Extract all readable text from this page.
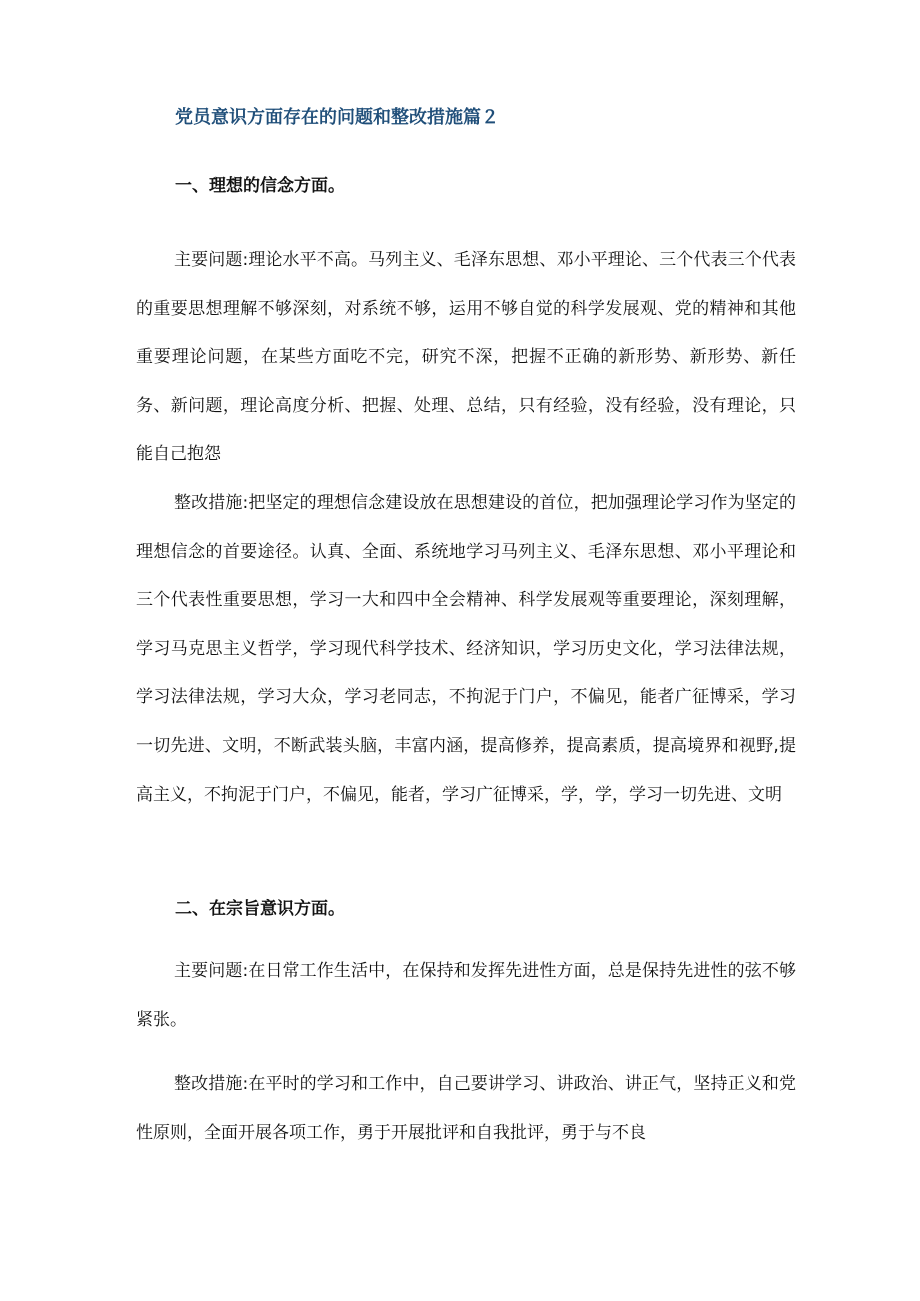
党员意识方面存在的问题和整改措施篇２
一、理想的信念方面。

主要问题:理论水平不高。马列主义、毛泽东思想、邓小平理论、三个代表三个代表的重要思想理解不够深刻，对系统不够，运用不够自觉的科学发展观、党的精神和其他重要理论问题，在某些方面吃不完，研究不深，把握不正确的新形势、新形势、新任务、新问题，理论高度分析、把握、处理、总结，只有经验，没有经验，没有理论，只能自己抱怨

整改措施:把坚定的理想信念建设放在思想建设的首位，把加强理论学习作为坚定的理想信念的首要途径。认真、全面、系统地学习马列主义、毛泽东思想、邓小平理论和三个代表性重要思想，学习一大和四中全会精神、科学发展观等重要理论，深刻理解，学习马克思主义哲学，学习现代科学技术、经济知识，学习历史文化，学习法律法规，学习法律法规，学习大众，学习老同志，不拘泥于门户，不偏见，能者广征博采，学习一切先进、文明，不断武装头脑，丰富内涵，提高修养，提高素质，提高境界和视野,提高主义，不拘泥于门户，不偏见，能者，学习广征博采，学，学，学习一切先进、文明

二、在宗旨意识方面。

主要问题:在日常工作生活中，在保持和发挥先进性方面，总是保持先进性的弦不够紧张。

整改措施:在平时的学习和工作中，自己要讲学习、讲政治、讲正气，坚持正义和党性原则，全面开展各项工作，勇于开展批评和自我批评，勇于与不良
